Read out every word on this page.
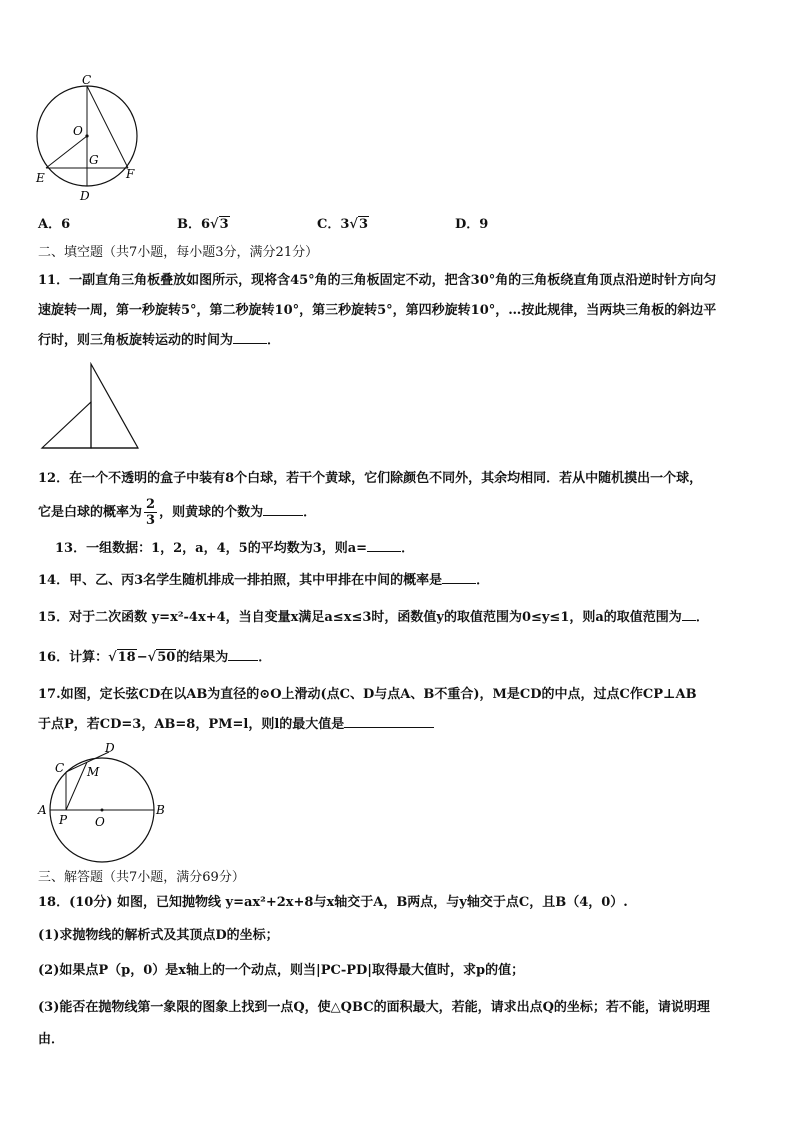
C
O
G
E
D
F
A．6	B．6√3	C．3√3	D．9
二、填空题（共7小题，每小题3分，满分21分）
11．一副直角三角板叠放如图所示，现将含45°角的三角板固定不动，把含30°角的三角板绕直角顶点沿逆时针方向匀
速旋转一周，第一秒旋转5°，第二秒旋转10°，第三秒旋转5°，第四秒旋转10°，…按此规律，当两块三角板的斜边平
行时，则三角板旋转运动的时间为	．
12．在一个不透明的盒子中装有8个白球，若干个黄球，它们除颜色不同外，其余均相同．若从中随机摸出一个球，
它是白球的概率为 $\frac{2}{3}$ ，则黄球的个数为	．
13．一组数据：1，2，a，4，5的平均数为3，则a=	．
14．甲、乙、丙3名学生随机排成一排拍照，其中甲排在中间的概率是	．
15．对于二次函数 y=x²-4x+4，当自变量x满足a≤x≤3时，函数值y的取值范围为0≤y≤1，则a的取值范围为 ．
16．计算：√18−√50的结果为 ．
17.如图，定长弦CD在以AB为直径的⊙O上滑动(点C、D与点A、B不重合)，M是CD的中点，过点C作CP⊥AB
于点P，若CD=3，AB=8，PM=l，则l的最大值是
A	B
C
D
M
P O
三、解答题（共7小题，满分69分）
18．(10分) 如图，已知抛物线 y=ax²+2x+8与x轴交于A，B两点，与y轴交于点C，且B（4，0）.
(1)求抛物线的解析式及其顶点D的坐标；
(2)如果点P（p，0）是x轴上的一个动点，则当|PC-PD|取得最大值时，求p的值；
(3)能否在抛物线第一象限的图象上找到一点Q，使△QBC的面积最大，若能，请求出点Q的坐标；若不能，请说明理
由．
